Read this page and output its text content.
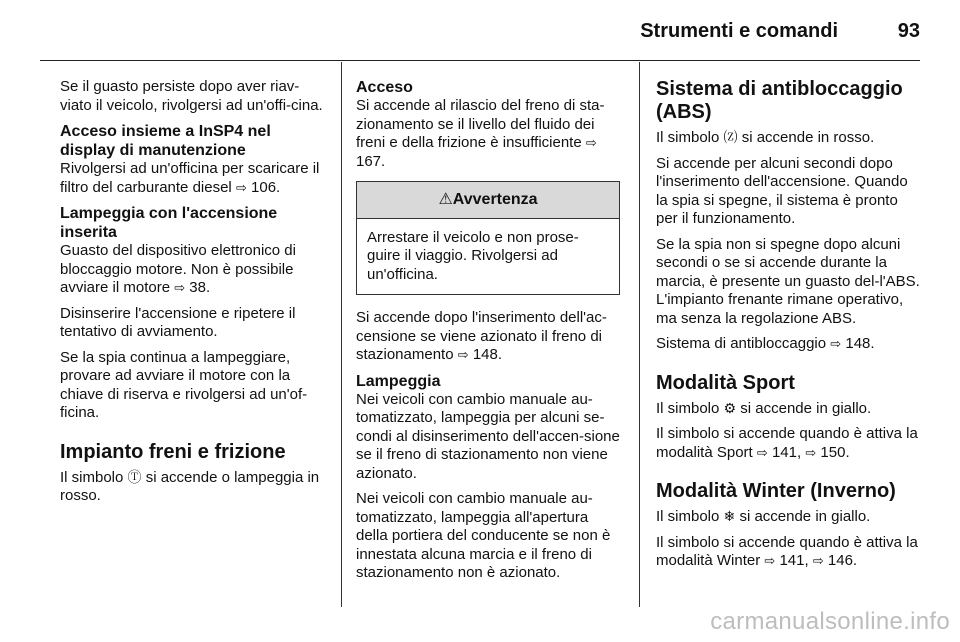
Strumenti e comandi	93

Se il guasto persiste dopo aver riav-viato il veicolo, rivolgersi ad un'offi-cina.

Acceso insieme a InSP4 nel display di manutenzione

Rivolgersi ad un'officina per scaricare il filtro del carburante diesel ⇨ 106.

Lampeggia con l'accensione inserita

Guasto del dispositivo elettronico di bloccaggio motore. Non è possibile avviare il motore ⇨ 38.

Disinserire l'accensione e ripetere il tentativo di avviamento.

Se la spia continua a lampeggiare, provare ad avviare il motore con la chiave di riserva e rivolgersi ad un'of-ficina.

Impianto freni e frizione

Il simbolo Ⓣ si accende o lampeggia in rosso.

Acceso

Si accende al rilascio del freno di sta-zionamento se il livello del fluido dei freni e della frizione è insufficiente ⇨ 167.

⚠Avvertenza
Arrestare il veicolo e non prose-guire il viaggio. Rivolgersi ad un'officina.

Si accende dopo l'inserimento dell'ac-censione se viene azionato il freno di stazionamento ⇨ 148.

Lampeggia

Nei veicoli con cambio manuale au-tomatizzato, lampeggia per alcuni se-condi al disinserimento dell'accen-sione se il freno di stazionamento non viene azionato.

Nei veicoli con cambio manuale au-tomatizzato, lampeggia all'apertura della portiera del conducente se non è innestata alcuna marcia e il freno di stazionamento non è azionato.

Sistema di antibloccaggio (ABS)

Il simbolo ⒵ si accende in rosso.

Si accende per alcuni secondi dopo l'inserimento dell'accensione. Quando la spia si spegne, il sistema è pronto per il funzionamento.

Se la spia non si spegne dopo alcuni secondi o se si accende durante la marcia, è presente un guasto del-l'ABS. L'impianto frenante rimane operativo, ma senza la regolazione ABS.

Sistema di antibloccaggio ⇨ 148.

Modalità Sport

Il simbolo ⚙ si accende in giallo.

Il simbolo si accende quando è attiva la modalità Sport ⇨ 141, ⇨ 150.

Modalità Winter (Inverno)

Il simbolo ❄ si accende in giallo.

Il simbolo si accende quando è attiva la modalità Winter ⇨ 141, ⇨ 146.

carmanualsonline.info
